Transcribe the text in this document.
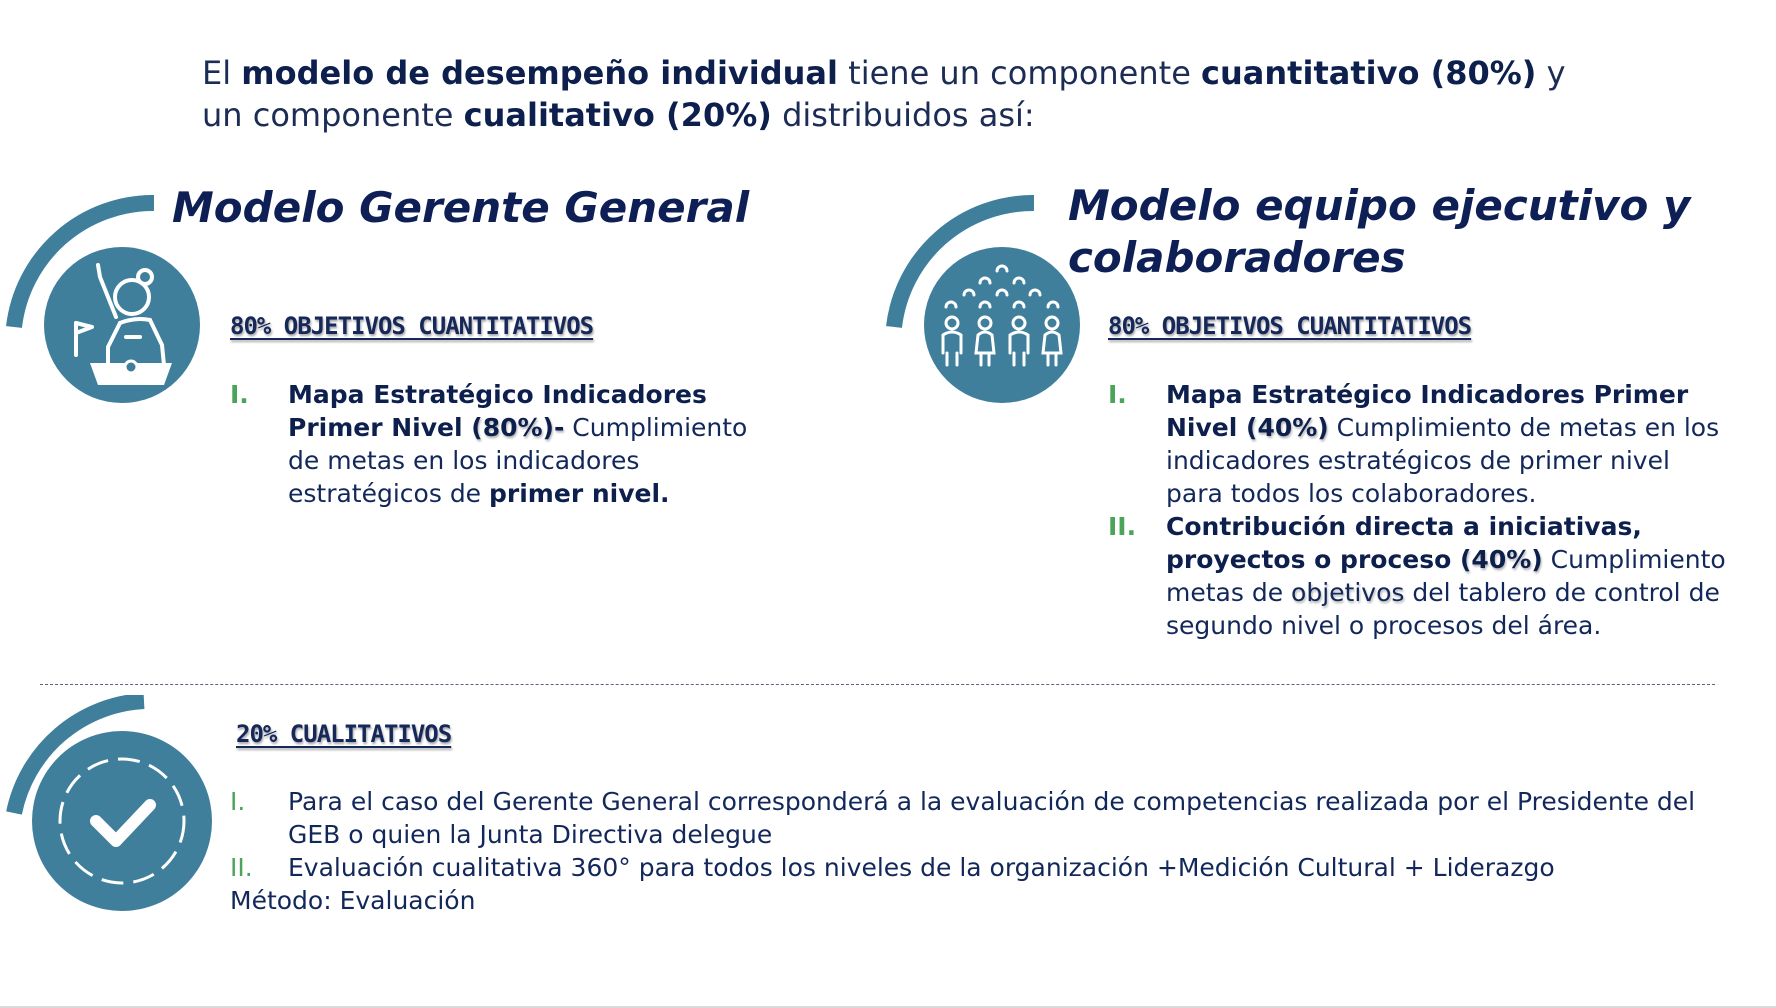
El modelo de desempeño individual tiene un componente cuantitativo (80%) y un componente cualitativo (20%) distribuidos así:
Modelo Gerente General
80% OBJETIVOS CUANTITATIVOS
I. Mapa Estratégico Indicadores Primer Nivel (80%)- Cumplimiento de metas en los indicadores estratégicos de primer nivel.
Modelo equipo ejecutivo y
colaboradores
80% OBJETIVOS CUANTITATIVOS
I. Mapa Estratégico Indicadores Primer Nivel (40%) Cumplimiento de metas en los indicadores estratégicos de primer nivel para todos los colaboradores.
II. Contribución directa a iniciativas, proyectos o proceso (40%) Cumplimiento metas de objetivos del tablero de control de segundo nivel o procesos del área.
20% CUALITATIVOS
I. Para el caso del Gerente General corresponderá a la evaluación de competencias realizada por el Presidente del GEB o quien la Junta Directiva delegue
II. Evaluación cualitativa 360° para todos los niveles de la organización +Medición Cultural + Liderazgo
Método: Evaluación
